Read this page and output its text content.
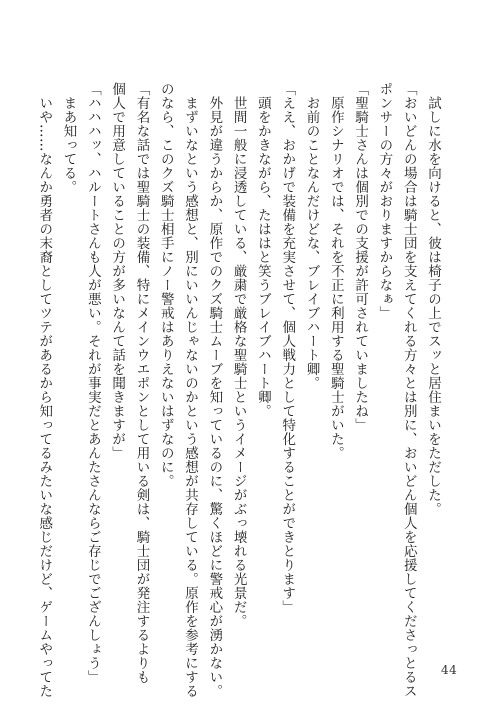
　試しに水を向けると、彼は椅子の上でスッと居住まいをただした。
「おいどんの場合は騎士団を支えてくれる方々とは別に、おいどん個人を応援してくださっとるス
ポンサーの方々がおりますからなぁ」
「聖騎士さんは個別での支援が許可されていましたね」
　原作シナリオでは、それを不正に利用する聖騎士がいた。
　お前のことなんだけどな、ブレイブハート卿。
「ええ、おかげで装備を充実させて、個人戦力として特化することができとります」
　頭をかきながら、たははと笑うブレイブハート卿。
　世間一般に浸透している、厳粛で厳格な聖騎士というイメージがぶっ壊れる光景だ。
　外見が違うからか、原作でのクズ騎士ムーブを知っているのに、驚くほどに警戒心が湧かない。
　まずいなという感想と、別にいいんじゃないのかという感想が共存している。原作を参考にする
のなら、このクズ騎士相手にノー警戒はありえないはずなのに。
「有名な話では聖騎士の装備、特にメインウエポンとして用いる剣は、騎士団が発注するよりも
個人で用意していることの方が多いなんて話を聞きますが」
「ハハハッ、ハルートさんも人が悪い。それが事実だとあんたさんならご存じでござんしょう」
　まあ知ってる。
　いや……なんか勇者の末裔としてツテがあるから知ってるみたいな感じだけど、ゲームやってた	44
